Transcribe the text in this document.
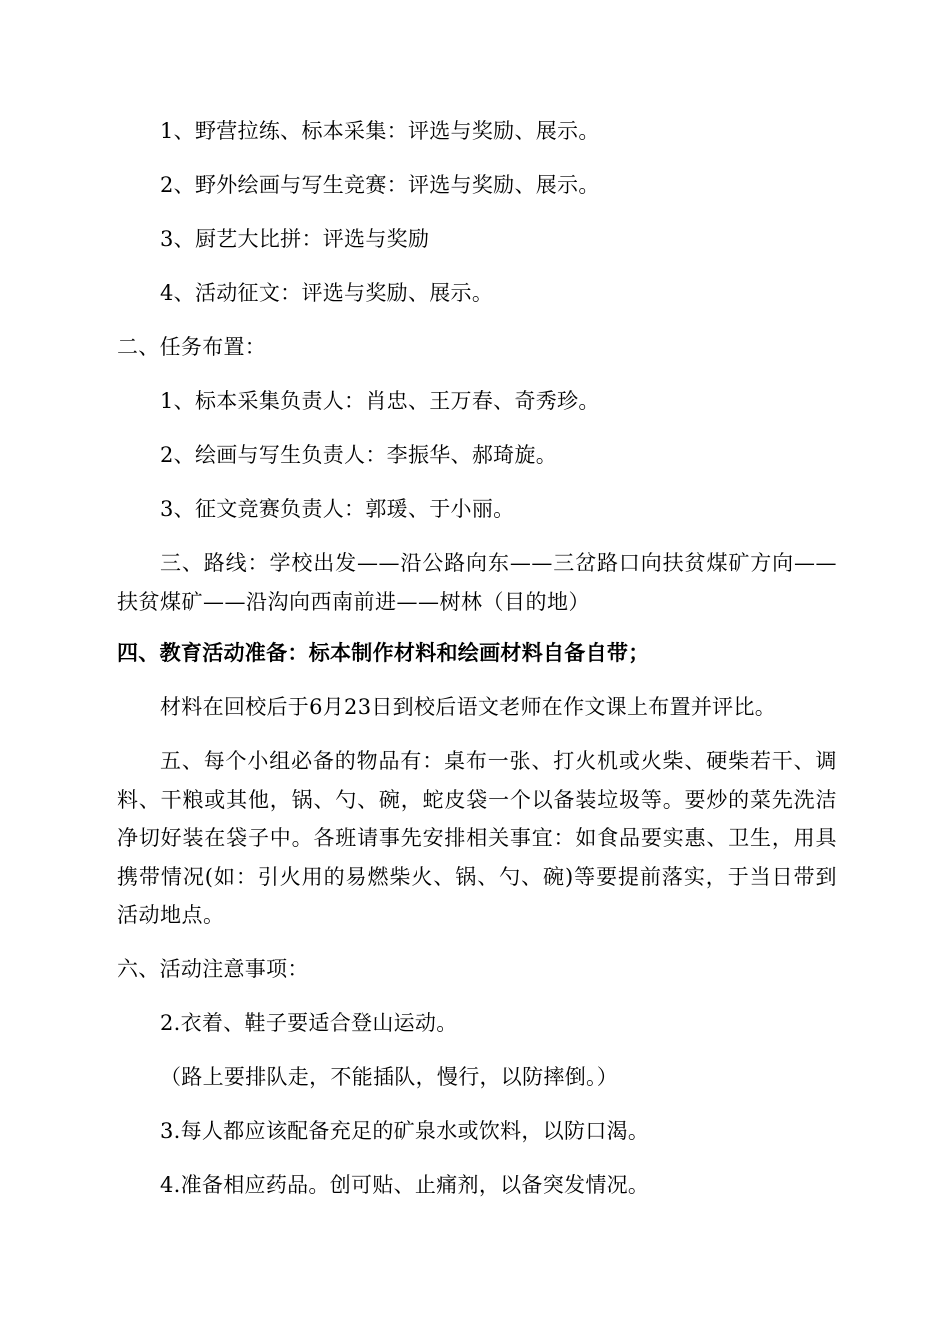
1、野营拉练、标本采集：评选与奖励、展示。
2、野外绘画与写生竞赛：评选与奖励、展示。
3、厨艺大比拼：评选与奖励
4、活动征文：评选与奖励、展示。
二、任务布置：
1、标本采集负责人：肖忠、王万春、奇秀珍。
2、绘画与写生负责人：李振华、郝琦旋。
3、征文竞赛负责人：郭瑗、于小丽。
三、路线：学校出发——沿公路向东——三岔路口向扶贫煤矿方向——扶贫煤矿——沿沟向西南前进——树林（目的地）
四、教育活动准备：标本制作材料和绘画材料自备自带；
材料在回校后于6月23日到校后语文老师在作文课上布置并评比。
五、每个小组必备的物品有：桌布一张、打火机或火柴、硬柴若干、调料、干粮或其他，锅、勺、碗，蛇皮袋一个以备装垃圾等。要炒的菜先洗洁净切好装在袋子中。各班请事先安排相关事宜：如食品要实惠、卫生，用具携带情况(如：引火用的易燃柴火、锅、勺、碗)等要提前落实，于当日带到活动地点。
六、活动注意事项：
2.衣着、鞋子要适合登山运动。
（路上要排队走，不能插队，慢行，以防摔倒。）
3.每人都应该配备充足的矿泉水或饮料，以防口渴。
4.准备相应药品。创可贴、止痛剂，以备突发情况。
